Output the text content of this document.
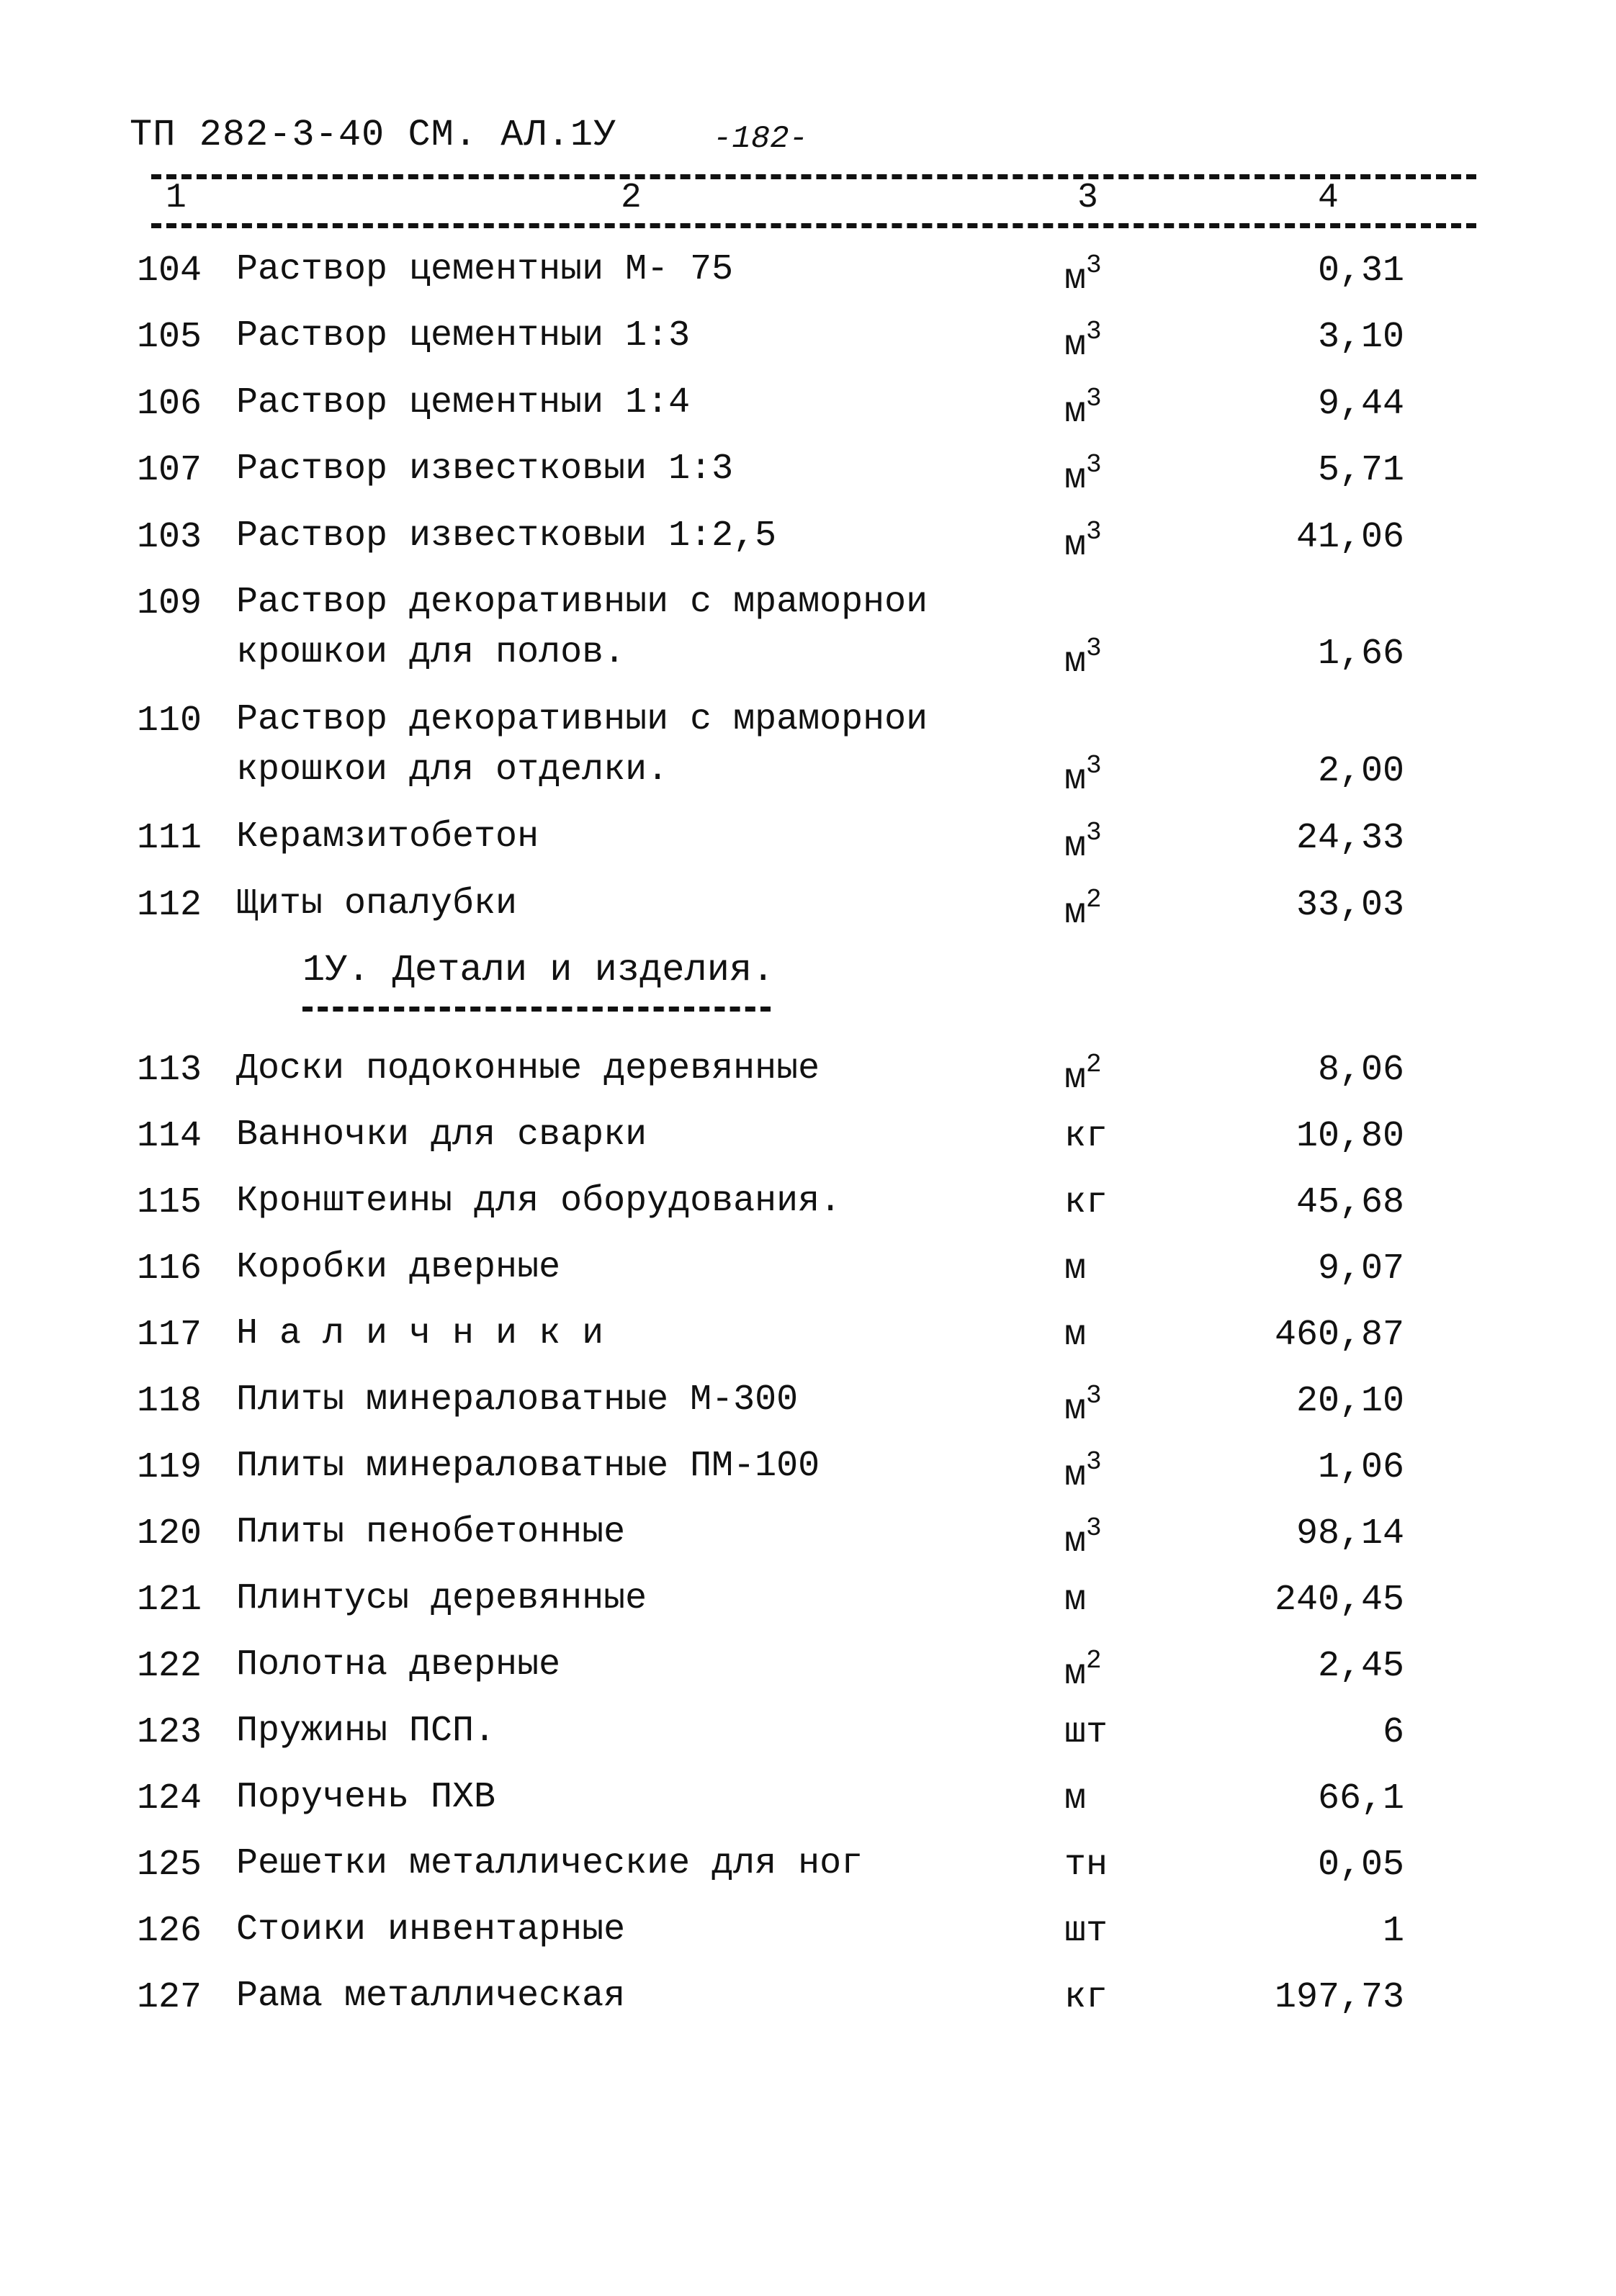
ТП 282-3-40 СМ. АЛ.1У	-182-
1	2	3	4
104 Раствор цементныи М- 75	$м^3$	0,31
105 Раствор цементныи 1:3	$м^3$	3,10
106 Раствор цементныи 1:4	$м^3$	9,44
107 Раствор известковыи 1:3	$м^3$	5,71
103 Раствор известковыи 1:2,5	$м^3$	41,06
109 Раствор декоративныи с мраморнои
крошкои для полов.	$м^3$	1,66
110 Раствор декоративныи с мраморнои
крошкои для отделки.	$м^3$	2,00
111 Керамзитобетон	$м^3$	24,33
112 Щиты опалубки	$м^2$	33,03
1У. Детали и изделия.
113 Доски подоконные деревянные	$м^2$	8,06
114 Ванночки для сварки	кг	10,80
115 Кронштеины для оборудования.	кг	45,68
116 Коробки дверные	м	9,07
117 Н а л и ч н и к и	м	460,87
118 Плиты минераловатные М-300	$м^3$	20,10
119 Плиты минераловатные ПМ-100	$м^3$	1,06
120 Плиты пенобетонные	$м^3$	98,14
121 Плинтусы деревянные	м	240,45
122 Полотна дверные	$м^2$	2,45
123 Пружины ПСП.	шт	6
124 Поручень ПХВ	м	66,1
125 Решетки металлические для ног	тн	0,05
126 Стоики инвентарные	шт	1
127 Рама металлическая	кг	197,73
